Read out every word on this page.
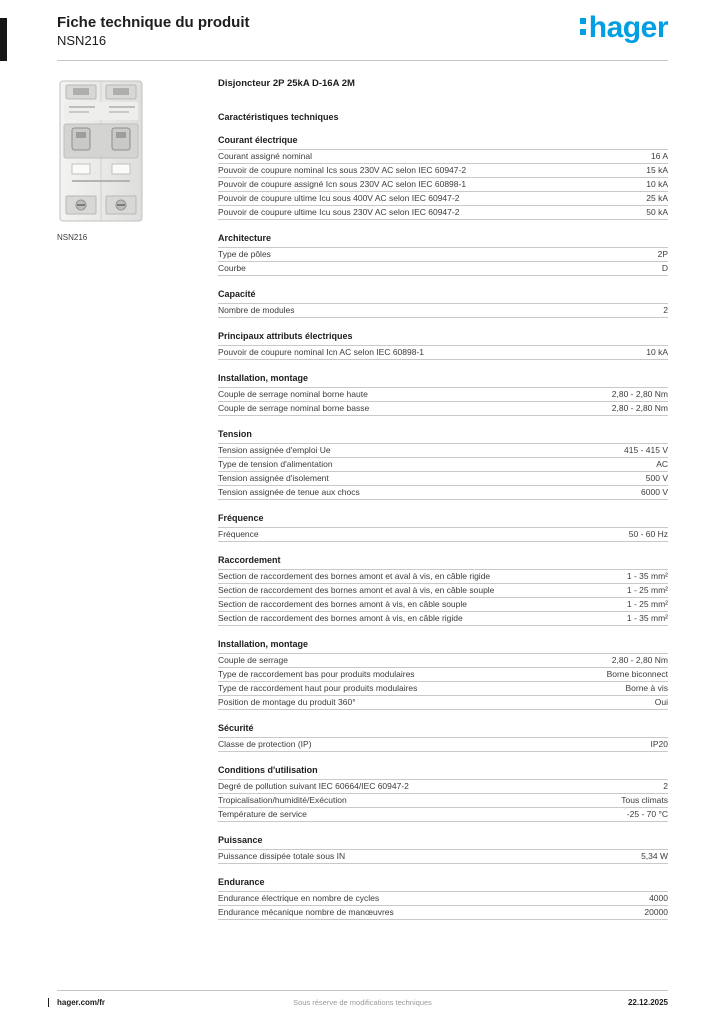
Fiche technique du produit
NSN216	hager
NSN216
Disjoncteur 2P 25kA D-16A 2M
Caractéristiques techniques
Courant électrique
Courant assigné nominal	16 A
Pouvoir de coupure nominal Ics sous 230V AC selon IEC 60947-2	15 kA
Pouvoir de coupure assigné Icn sous 230V AC selon IEC 60898-1	10 kA
Pouvoir de coupure ultime Icu sous 400V AC selon IEC 60947-2	25 kA
Pouvoir de coupure ultime Icu sous 230V AC selon IEC 60947-2	50 kA
Architecture
Type de pôles	2P
Courbe	D
Capacité
Nombre de modules	2
Principaux attributs électriques
Pouvoir de coupure nominal Icn AC selon IEC 60898-1	10 kA
Installation, montage
Couple de serrage nominal borne haute	2,80 - 2,80 Nm
Couple de serrage nominal borne basse	2,80 - 2,80 Nm
Tension
Tension assignée d'emploi Ue	415 - 415 V
Type de tension d'alimentation	AC
Tension assignée d'isolement	500 V
Tension assignée de tenue aux chocs	6000 V
Fréquence
Fréquence	50 - 60 Hz
Raccordement
Section de raccordement des bornes amont et aval à vis, en câble rigide	1 - 35 mm²
Section de raccordement des bornes amont et aval à vis, en câble souple	1 - 25 mm²
Section de raccordement des bornes amont à vis, en câble souple	1 - 25 mm²
Section de raccordement des bornes amont à vis, en câble rigide	1 - 35 mm²
Installation, montage
Couple de serrage	2,80 - 2,80 Nm
Type de raccordement bas pour produits modulaires	Borne biconnect
Type de raccordement haut pour produits modulaires	Borne à vis
Position de montage du produit 360°	Oui
Sécurité
Classe de protection (IP)	IP20
Conditions d'utilisation
Degré de pollution suivant IEC 60664/IEC 60947-2	2
Tropicalisation/humidité/Exécution	Tous climats
Température de service	-25 - 70 °C
Puissance
Puissance dissipée totale sous IN	5,34 W
Endurance
Endurance électrique en nombre de cycles	4000
Endurance mécanique nombre de manœuvres	20000
hager.com/fr	Sous réserve de modifications techniques	22.12.2025
